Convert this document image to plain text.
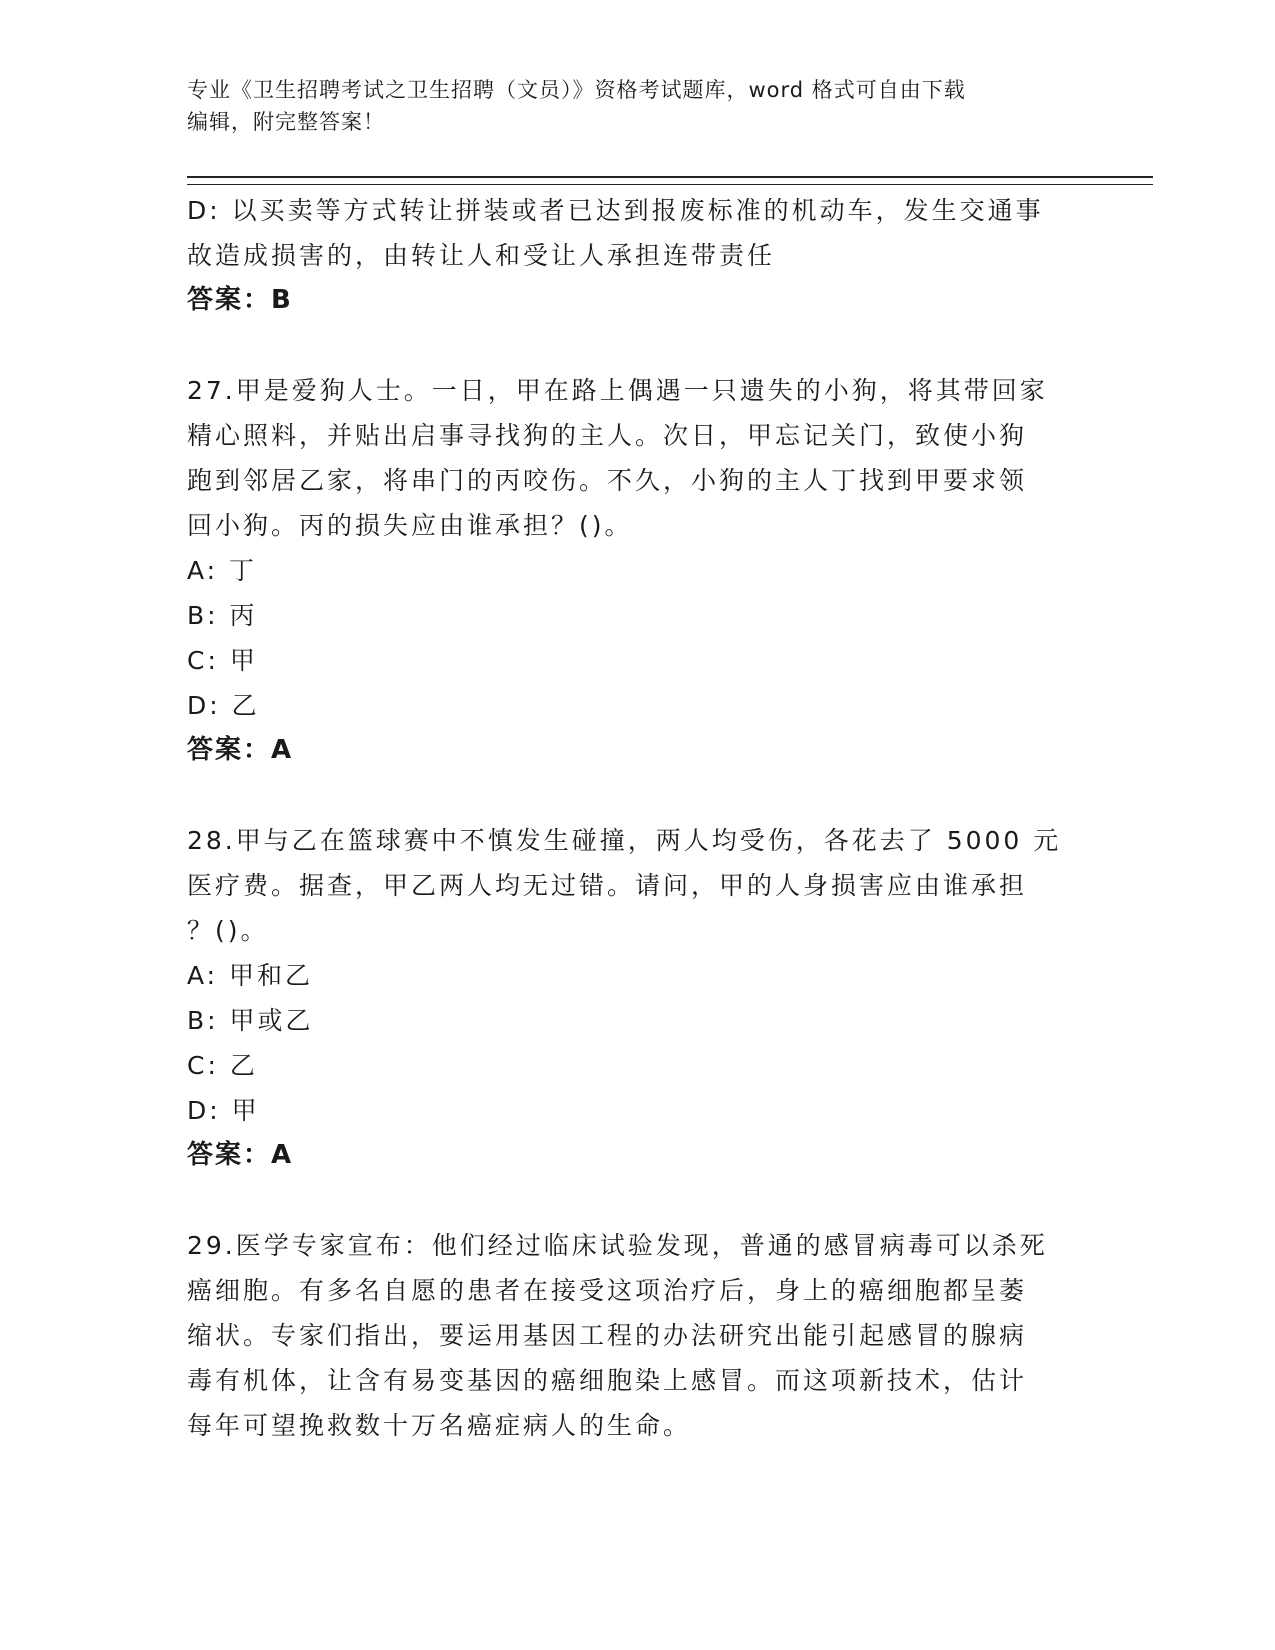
专业《卫生招聘考试之卫生招聘（文员）》资格考试题库，word 格式可自由下载
编辑，附完整答案！
D: 以买卖等方式转让拼装或者已达到报废标准的机动车，发生交通事
故造成损害的，由转让人和受让人承担连带责任
答案：B
27.甲是爱狗人士。一日，甲在路上偶遇一只遗失的小狗，将其带回家
精心照料，并贴出启事寻找狗的主人。次日，甲忘记关门，致使小狗
跑到邻居乙家，将串门的丙咬伤。不久，小狗的主人丁找到甲要求领
回小狗。丙的损失应由谁承担？()。
A: 丁
B: 丙
C: 甲
D: 乙
答案：A
28.甲与乙在篮球赛中不慎发生碰撞，两人均受伤，各花去了 5000 元
医疗费。据查，甲乙两人均无过错。请问，甲的人身损害应由谁承担
？()。
A: 甲和乙
B: 甲或乙
C: 乙
D: 甲
答案：A
29.医学专家宣布：他们经过临床试验发现，普通的感冒病毒可以杀死
癌细胞。有多名自愿的患者在接受这项治疗后，身上的癌细胞都呈萎
缩状。专家们指出，要运用基因工程的办法研究出能引起感冒的腺病
毒有机体，让含有易变基因的癌细胞染上感冒。而这项新技术，估计
每年可望挽救数十万名癌症病人的生命。
